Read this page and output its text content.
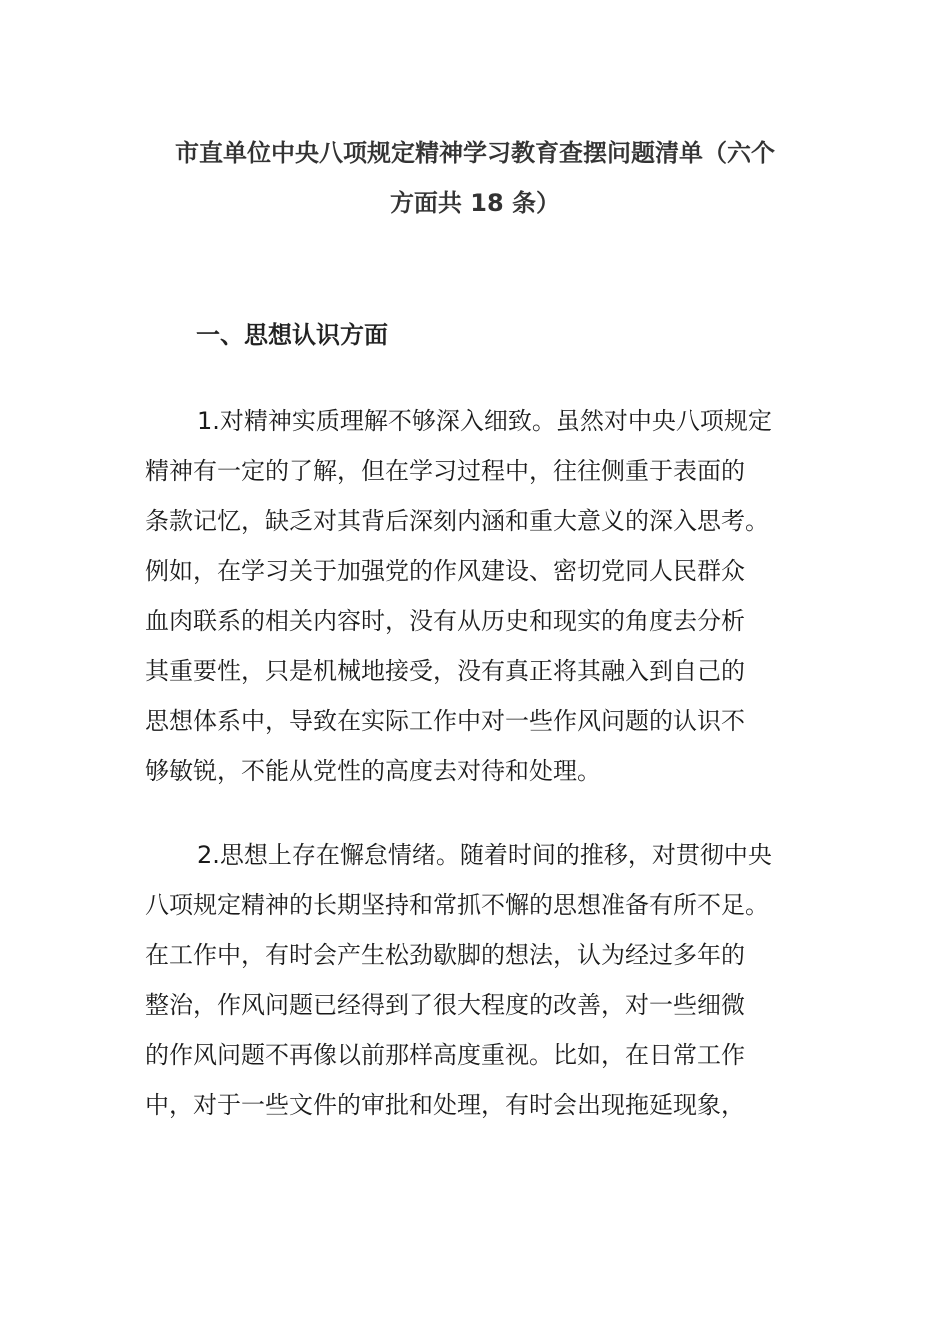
市直单位中央八项规定精神学习教育查摆问题清单（六个
方面共 18 条）
一、思想认识方面
1.对精神实质理解不够深入细致。虽然对中央八项规定
精神有一定的了解，但在学习过程中，往往侧重于表面的
条款记忆，缺乏对其背后深刻内涵和重大意义的深入思考。
例如，在学习关于加强党的作风建设、密切党同人民群众
血肉联系的相关内容时，没有从历史和现实的角度去分析
其重要性，只是机械地接受，没有真正将其融入到自己的
思想体系中，导致在实际工作中对一些作风问题的认识不
够敏锐，不能从党性的高度去对待和处理。
2.思想上存在懈怠情绪。随着时间的推移，对贯彻中央
八项规定精神的长期坚持和常抓不懈的思想准备有所不足。
在工作中，有时会产生松劲歇脚的想法，认为经过多年的
整治，作风问题已经得到了很大程度的改善，对一些细微
的作风问题不再像以前那样高度重视。比如，在日常工作
中，对于一些文件的审批和处理，有时会出现拖延现象，
